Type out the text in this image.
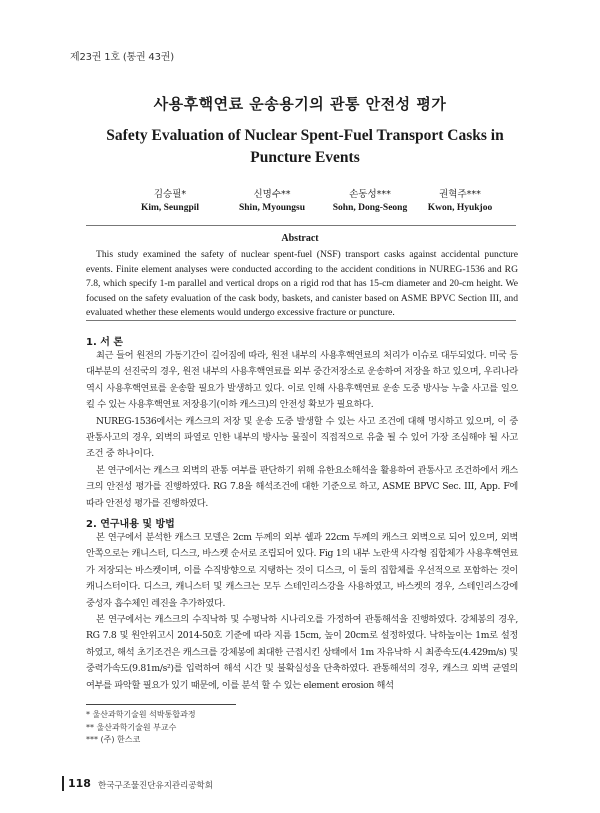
제23권 1호 (통권 43권)
사용후핵연료 운송용기의 관통 안전성 평가
Safety Evaluation of Nuclear Spent-Fuel Transport Casks in Puncture Events
김승필*
Kim, Seungpil
신명수**
Shin, Myoungsu
손동성***
Sohn, Dong-Seong
권혁주***
Kwon, Hyukjoo
Abstract

This study examined the safety of nuclear spent-fuel (NSF) transport casks against accidental puncture events. Finite element analyses were conducted according to the accident conditions in NUREG-1536 and RG 7.8, which specify 1-m parallel and vertical drops on a rigid rod that has 15-cm diameter and 20-cm height. We focused on the safety evaluation of the cask body, baskets, and canister based on ASME BPVC Section III, and evaluated whether these elements would undergo excessive fracture or puncture.

1. 서 론

최근 들어 원전의 가동기간이 길어짐에 따라, 원전 내부의 사용후핵연료의 처리가 이슈로 대두되었다. 미국 등 대부분의 선진국의 경우, 원전 내부의 사용후핵연료를 외부 중간저장소로 운송하여 저장을 하고 있으며, 우리나라 역시 사용후핵연료를 운송할 필요가 발생하고 있다. 이로 인해 사용후핵연료 운송 도중 방사능 누출 사고를 일으킬 수 있는 사용후핵연료 저장용기(이하 캐스크)의 안전성 확보가 필요하다.

NUREG-1536에서는 캐스크의 저장 및 운송 도중 발생할 수 있는 사고 조건에 대해 명시하고 있으며, 이 중 관통사고의 경우, 외벽의 파열로 인한 내부의 방사능 물질이 직접적으로 유출 될 수 있어 가장 조심해야 될 사고 조건 중 하나이다.

본 연구에서는 캐스크 외벽의 관통 여부를 판단하기 위해 유한요소해석을 활용하여 관통사고 조건하에서 캐스크의 안전성 평가를 진행하였다. RG 7.8을 해석조건에 대한 기준으로 하고, ASME BPVC Sec. III, App. F에 따라 안전성 평가를 진행하였다.

2. 연구내용 및 방법

본 연구에서 분석한 캐스크 모델은 2cm 두께의 외부 쉘과 22cm 두께의 캐스크 외벽으로 되어 있으며, 외벽 안쪽으로는 캐니스터, 디스크, 바스켓 순서로 조립되어 있다. Fig 1의 내부 노란색 사각형 집합체가 사용후핵연료가 저장되는 바스켓이며, 이를 수직방향으로 지탱하는 것이 디스크, 이 둘의 집합체를 우선적으로 포함하는 것이 캐니스터이다. 디스크, 캐니스터 및 캐스크는 모두 스테인리스강을 사용하였고, 바스켓의 경우, 스테인리스강에 중성자 흡수체인 레진을 추가하였다.

본 연구에서는 캐스크의 수직낙하 및 수평낙하 시나리오를 가정하여 관통해석을 진행하였다. 강체봉의 경우, RG 7.8 및 원안위고시 2014-50호 기준에 따라 지름 15cm, 높이 20cm로 설정하였다. 낙하높이는 1m로 설정하였고, 해석 초기조건은 캐스크를 강체봉에 최대한 근접시킨 상태에서 1m 자유낙하 시 최종속도(4.429m/s) 및 중력가속도(9.81m/s²)를 입력하여 해석 시간 및 불확실성을 단축하였다. 관통해석의 경우, 캐스크 외벽 균열의 여부를 파악할 필요가 있기 때문에, 이를 분석 할 수 있는 element erosion 해석

* 울산과학기술원 석박통합과정
** 울산과학기술원 부교수
*** (주) 한스코
118 한국구조물진단유지관리공학회
